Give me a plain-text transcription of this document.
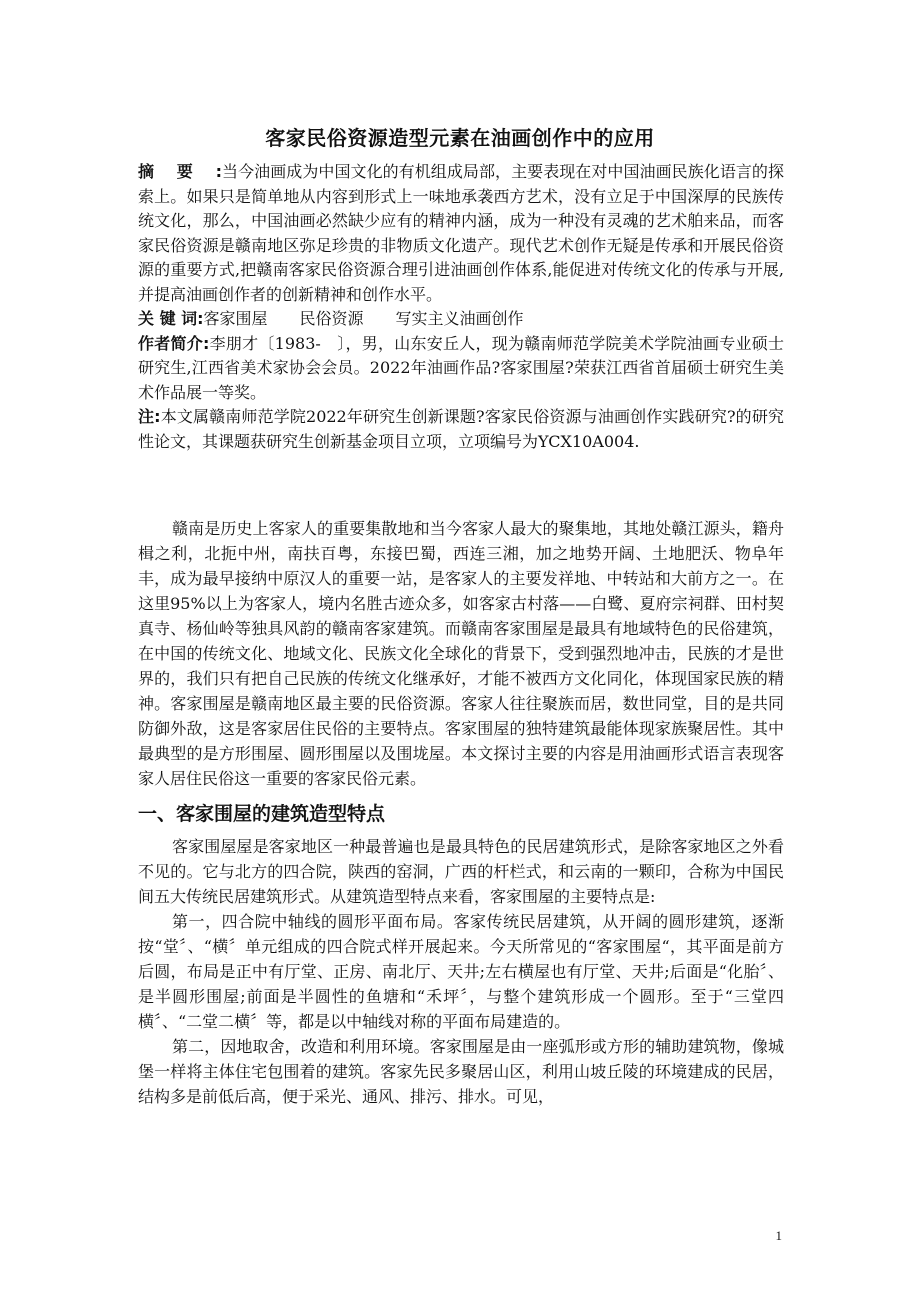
客家民俗资源造型元素在油画创作中的应用

摘要:当今油画成为中国文化的有机组成局部，主要表现在对中国油画民族化语言的探索上。如果只是简单地从内容到形式上一味地承袭西方艺术，没有立足于中国深厚的民族传统文化，那么，中国油画必然缺少应有的精神内涵，成为一种没有灵魂的艺术舶来品，而客家民俗资源是赣南地区弥足珍贵的非物质文化遗产。现代艺术创作无疑是传承和开展民俗资源的重要方式,把赣南客家民俗资源合理引进油画创作体系,能促进对传统文化的传承与开展,并提高油画创作者的创新精神和创作水平。

关 键 词:客家围屋　　民俗资源　　写实主义油画创作

作者简介:李朋才〔1983-　〕，男，山东安丘人，现为赣南师范学院美术学院油画专业硕士研究生,江西省美术家协会会员。2022年油画作品?客家围屋?荣获江西省首届硕士研究生美术作品展一等奖。

注:本文属赣南师范学院2022年研究生创新课题?客家民俗资源与油画创作实践研究?的研究性论文，其课题获研究生创新基金项目立项，立项编号为YCX10A004.

赣南是历史上客家人的重要集散地和当今客家人最大的聚集地，其地处赣江源头，籍舟楫之利，北扼中州，南扶百粤，东接巴蜀，西连三湘，加之地势开阔、土地肥沃、物阜年丰，成为最早接纳中原汉人的重要一站，是客家人的主要发祥地、中转站和大前方之一。在这里95%以上为客家人，境内名胜古迹众多，如客家古村落——白鹭、夏府宗祠群、田村契真寺、杨仙岭等独具风韵的赣南客家建筑。而赣南客家围屋是最具有地域特色的民俗建筑，在中国的传统文化、地域文化、民族文化全球化的背景下，受到强烈地冲击，民族的才是世界的，我们只有把自己民族的传统文化继承好，才能不被西方文化同化，体现国家民族的精神。客家围屋是赣南地区最主要的民俗资源。客家人往往聚族而居，数世同堂，目的是共同防御外敌，这是客家居住民俗的主要特点。客家围屋的独特建筑最能体现家族聚居性。其中最典型的是方形围屋、圆形围屋以及围垅屋。本文探讨主要的内容是用油画形式语言表现客家人居住民俗这一重要的客家民俗元素。

一、客家围屋的建筑造型特点

客家围屋屋是客家地区一种最普遍也是最具特色的民居建筑形式，是除客家地区之外看不见的。它与北方的四合院，陕西的窑洞，广西的杆栏式，和云南的一颗印，合称为中国民间五大传统民居建筑形式。从建筑造型特点来看，客家围屋的主要特点是:

第一，四合院中轴线的圆形平面布局。客家传统民居建筑，从开阔的圆形建筑，逐渐按“堂〞、“横〞单元组成的四合院式样开展起来。今天所常见的“客家围屋“，其平面是前方后圆，布局是正中有厅堂、正房、南北厅、天井;左右横屋也有厅堂、天井;后面是“化胎〞、是半圆形围屋;前面是半圆性的鱼塘和“禾坪〞，与整个建筑形成一个圆形。至于“三堂四横〞、“二堂二横〞等，都是以中轴线对称的平面布局建造的。

第二，因地取舍，改造和利用环境。客家围屋是由一座弧形或方形的辅助建筑物，像城堡一样将主体住宅包围着的建筑。客家先民多聚居山区，利用山坡丘陵的环境建成的民居，结构多是前低后高，便于采光、通风、排污、排水。可见，

1
